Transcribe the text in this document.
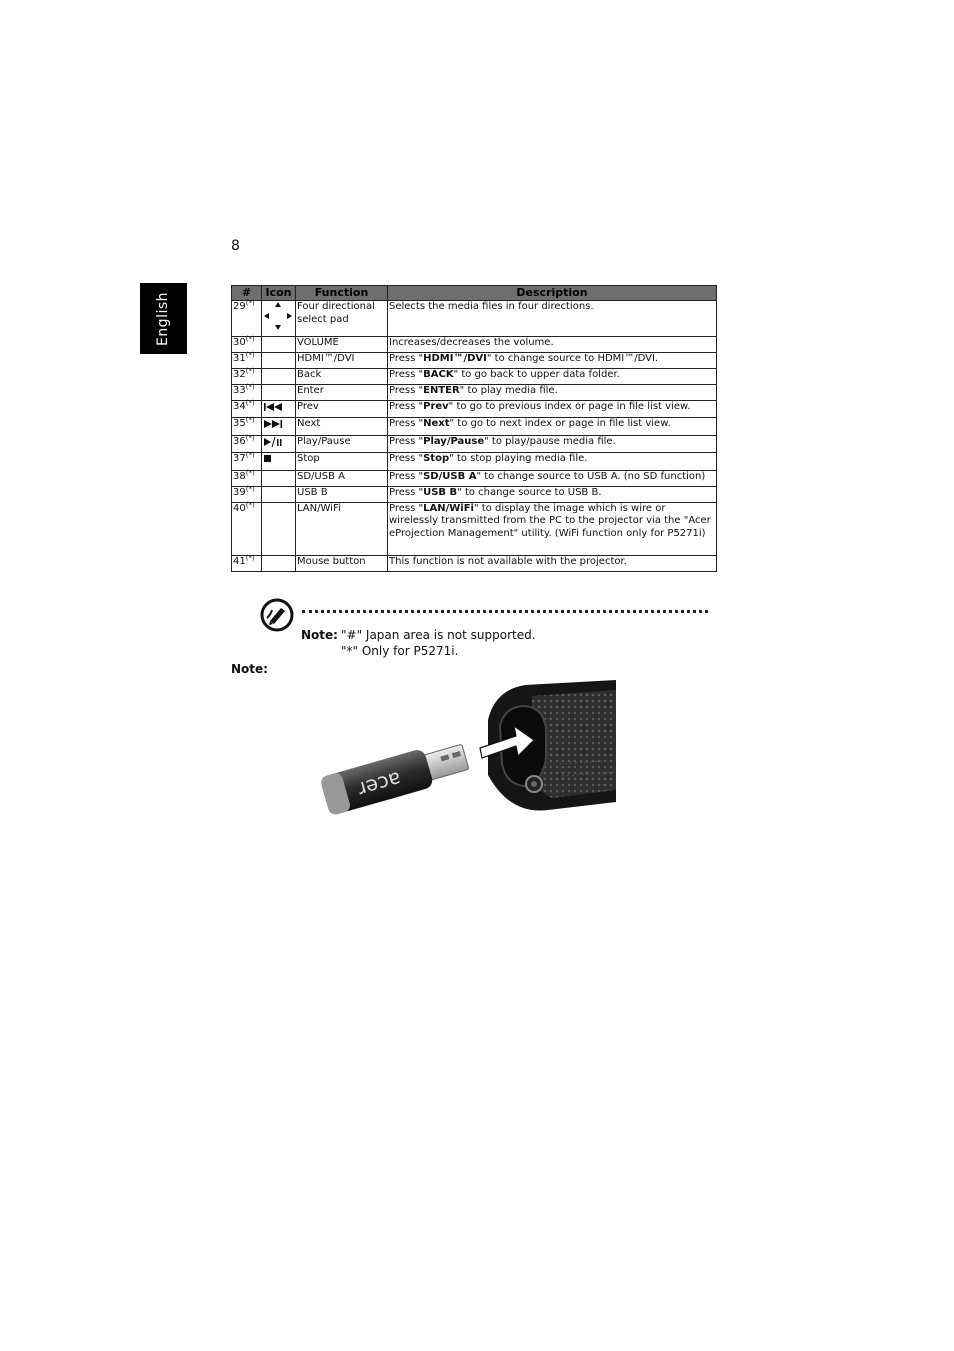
8
English	#	Icon	Function	Description
29(*)		Four directional select pad	Selects the media files in four directions.
30(*)		VOLUME	Increases/decreases the volume.
31(*)		HDMI™/DVI	Press "HDMI™/DVI" to change source to HDMI™/DVI.
32(*)		Back	Press "BACK" to go back to upper data folder.
33(*)		Enter	Press "ENTER" to play media file.
34(*)		Prev	Press "Prev" to go to previous index or page in file list view.
35(*)		Next	Press "Next" to go to next index or page in file list view.
36(*)		Play/Pause	Press "Play/Pause" to play/pause media file.
37(*)		Stop	Press "Stop" to stop playing media file.
38(*)		SD/USB A	Press "SD/USB A" to change source to USB A. (no SD function)
39(*)		USB B	Press "USB B" to change source to USB B.
40(*)		LAN/WiFi	Press "LAN/WiFi" to display the image which is wire or wirelessly transmitted from the PC to the projector via the "Acer eProjection Management" utility. (WiFi function only for P5271i)
41(*)		Mouse button	This function is not available with the projector.
Note: "#" Japan area is not supported.
"*" Only for P5271i.
Note:
acer
